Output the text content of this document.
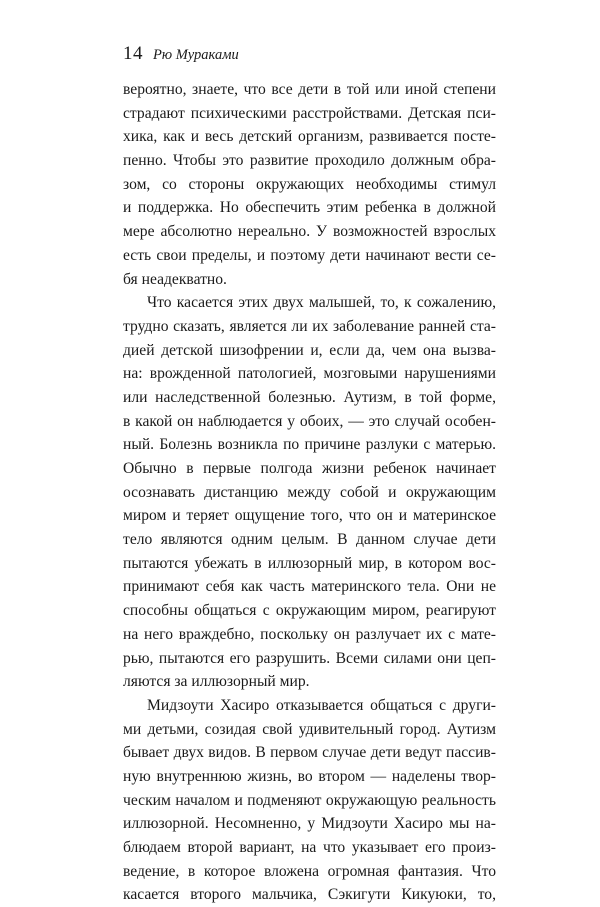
14 Рю Мураками
вероятно, знаете, что все дети в той или иной степени
страдают психическими расстройствами. Детская пси-
хика, как и весь детский организм, развивается посте-
пенно. Чтобы это развитие проходило должным обра-
зом, со стороны окружающих необходимы стимул
и поддержка. Но обеспечить этим ребенка в должной
мере абсолютно нереально. У возможностей взрослых
есть свои пределы, и поэтому дети начинают вести се-
бя неадекватно.
Что касается этих двух малышей, то, к сожалению,
трудно сказать, является ли их заболевание ранней ста-
дией детской шизофрении и, если да, чем она вызва-
на: врожденной патологией, мозговыми нарушениями
или наследственной болезнью. Аутизм, в той форме,
в какой он наблюдается у обоих, — это случай особен-
ный. Болезнь возникла по причине разлуки с матерью.
Обычно в первые полгода жизни ребенок начинает
осознавать дистанцию между собой и окружающим
миром и теряет ощущение того, что он и материнское
тело являются одним целым. В данном случае дети
пытаются убежать в иллюзорный мир, в котором вос-
принимают себя как часть материнского тела. Они не
способны общаться с окружающим миром, реагируют
на него враждебно, поскольку он разлучает их с мате-
рью, пытаются его разрушить. Всеми силами они цеп-
ляются за иллюзорный мир.
Мидзоути Хасиро отказывается общаться с други-
ми детьми, созидая свой удивительный город. Аутизм
бывает двух видов. В первом случае дети ведут пассив-
ную внутреннюю жизнь, во втором — наделены твор-
ческим началом и подменяют окружающую реальность
иллюзорной. Несомненно, у Мидзоути Хасиро мы на-
блюдаем второй вариант, на что указывает его произ-
ведение, в которое вложена огромная фантазия. Что
касается второго мальчика, Сэкигути Кикуюки, то,
